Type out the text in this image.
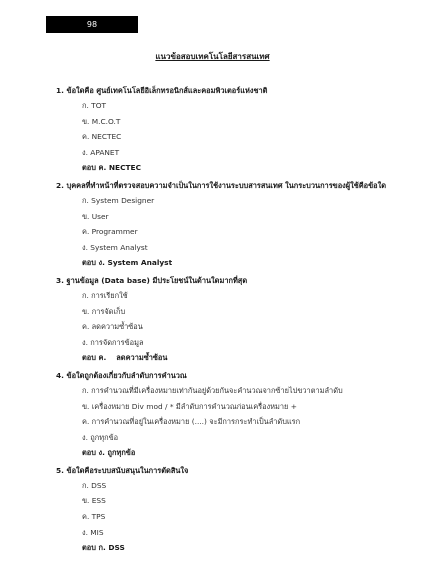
98
แนวข้อสอบเทคโนโลยีสารสนเทศ

1. ข้อใดคือ ศูนย์เทคโนโลยีอิเล็กทรอนิกส์และคอมพิวเตอร์แห่งชาติ

ก. TOT
ข. M.C.O.T
ค. NECTEC
ง. APANET
ตอบ ค. NECTEC

2. บุคคลที่ทำหน้าที่ตรวจสอบความจำเป็นในการใช้งานระบบสารสนเทศ ในกระบวนการของผู้ใช้คือข้อใด

ก. System Designer
ข. User
ค. Programmer
ง. System Analyst
ตอบ ง. System Analyst

3. ฐานข้อมูล (Data base) มีประโยชน์ในด้านใดมากที่สุด

ก. การเรียกใช้
ข. การจัดเก็บ
ค. ลดความซ้ำซ้อน
ง. การจัดการข้อมูล
ตอบ ค. ลดความซ้ำซ้อน

4. ข้อใดถูกต้องเกี่ยวกับลำดับการคำนวณ

ก. การคำนวณที่มีเครื่องหมายเท่ากันอยู่ด้วยกันจะคำนวณจากซ้ายไปขวาตามลำดับ
ข. เครื่องหมาย Div mod / * มีลำดับการคำนวณก่อนเครื่องหมาย +
ค. การคำนวณที่อยู่ในเครื่องหมาย (....) จะมีการกระทำเป็นลำดับแรก
ง. ถูกทุกข้อ
ตอบ ง. ถูกทุกข้อ

5. ข้อใดคือระบบสนับสนุนในการตัดสินใจ

ก. DSS
ข. ESS
ค. TPS
ง. MIS
ตอบ ก. DSS
